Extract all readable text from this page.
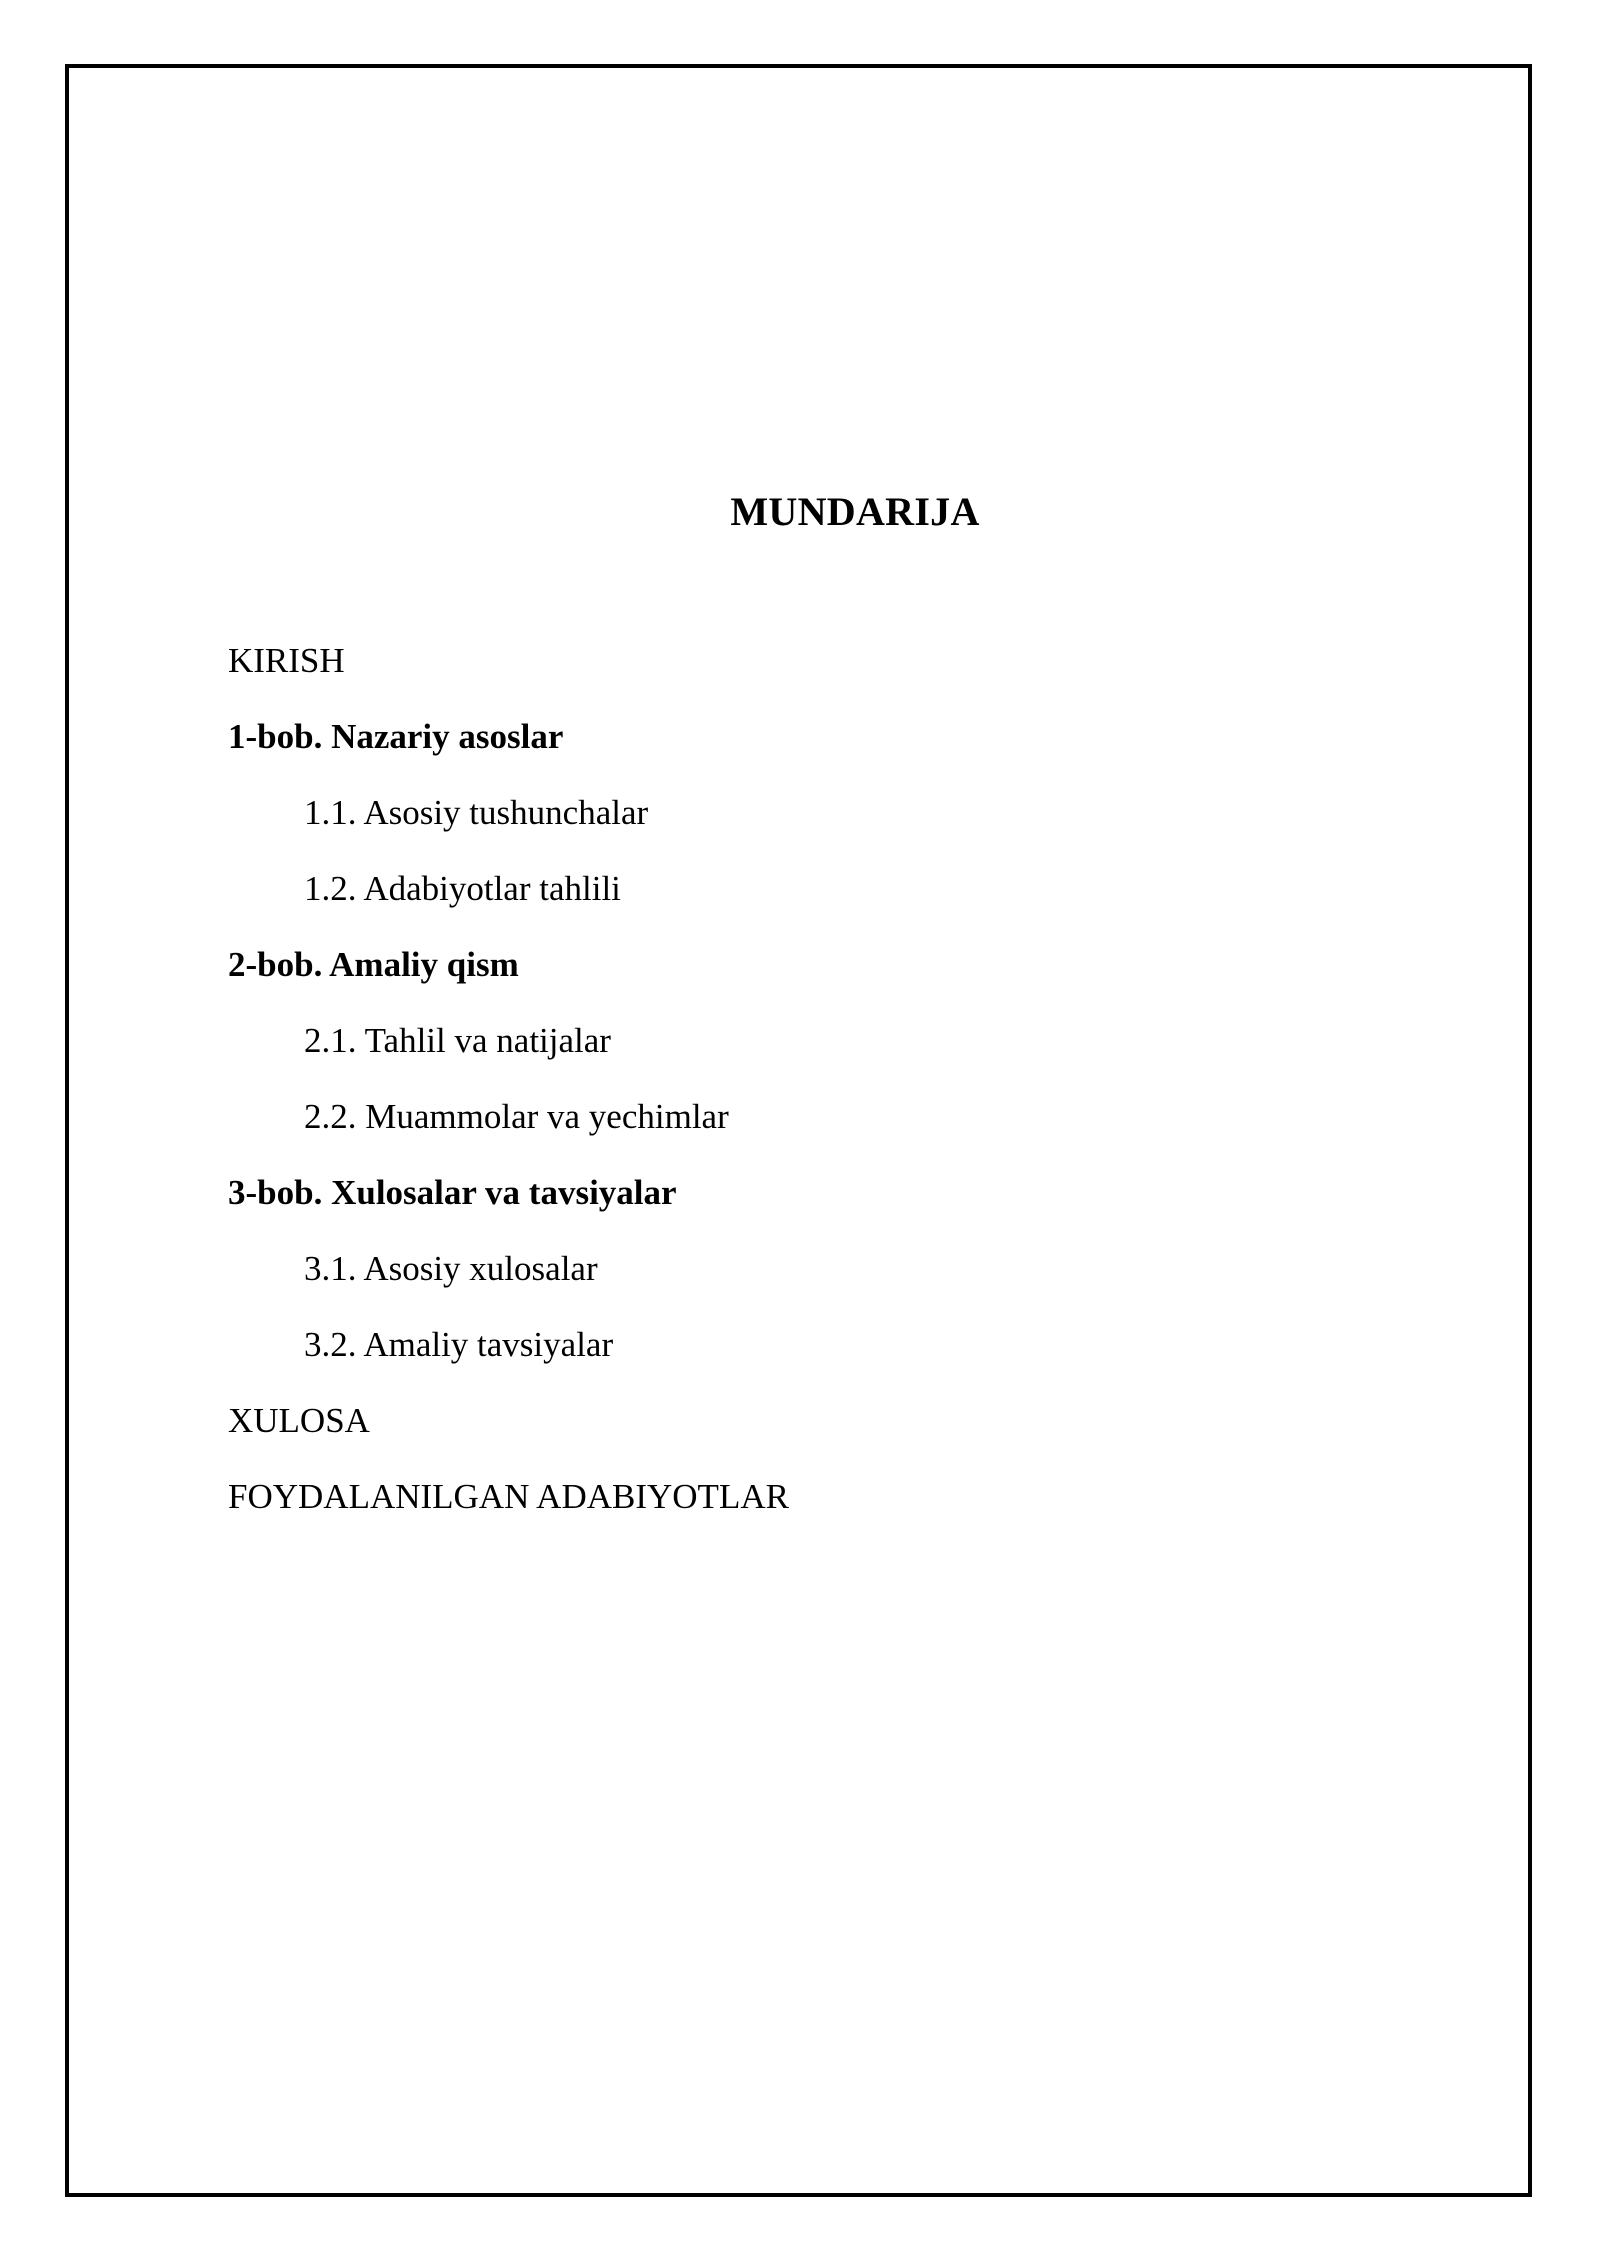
MUNDARIJA
KIRISH
1-bob. Nazariy asoslar
1.1. Asosiy tushunchalar
1.2. Adabiyotlar tahlili
2-bob. Amaliy qism
2.1. Tahlil va natijalar
2.2. Muammolar va yechimlar
3-bob. Xulosalar va tavsiyalar
3.1. Asosiy xulosalar
3.2. Amaliy tavsiyalar
XULOSA
FOYDALANILGAN ADABIYOTLAR
